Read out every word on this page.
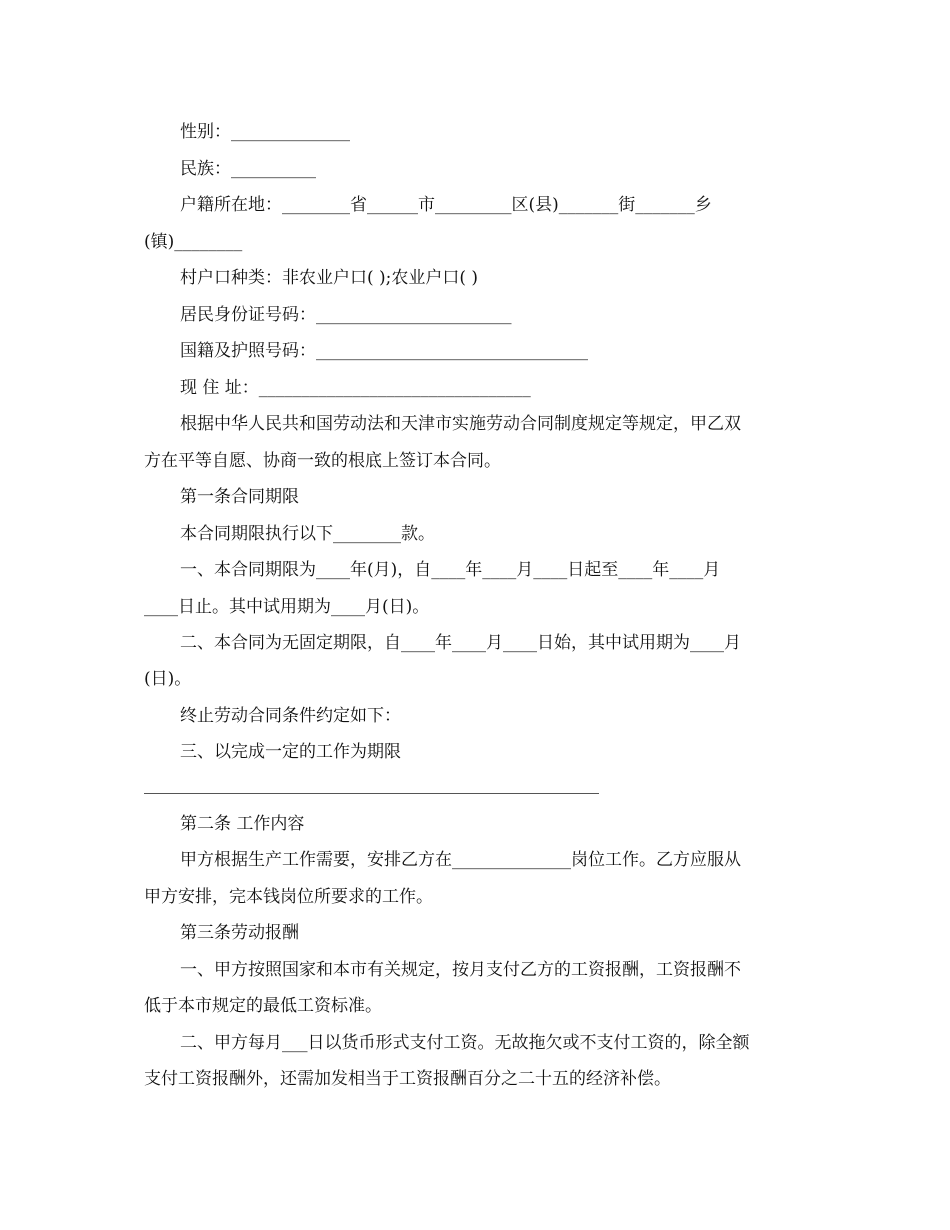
性别：______________
民族：__________
户籍所在地：________省______市_________区(县)_______街_______乡
(镇)________
村户口种类：非农业户口( );农业户口( )
居民身份证号码：_______________________
国籍及护照号码：________________________________
现 住 址：________________________________
根据中华人民共和国劳动法和天津市实施劳动合同制度规定等规定，甲乙双
方在平等自愿、协商一致的根底上签订本合同。
第一条合同期限
本合同期限执行以下________款。
一、本合同期限为____年(月)，自____年____月____日起至____年____月
____日止。其中试用期为____月(日)。
二、本合同为无固定期限，自____年____月____日始，其中试用期为____月
(日)。
终止劳动合同条件约定如下：
三、以完成一定的工作为期限
第二条 工作内容
甲方根据生产工作需要，安排乙方在______________岗位工作。乙方应服从
甲方安排，完本钱岗位所要求的工作。
第三条劳动报酬
一、甲方按照国家和本市有关规定，按月支付乙方的工资报酬，工资报酬不
低于本市规定的最低工资标准。
二、甲方每月___日以货币形式支付工资。无故拖欠或不支付工资的，除全额
支付工资报酬外，还需加发相当于工资报酬百分之二十五的经济补偿。
